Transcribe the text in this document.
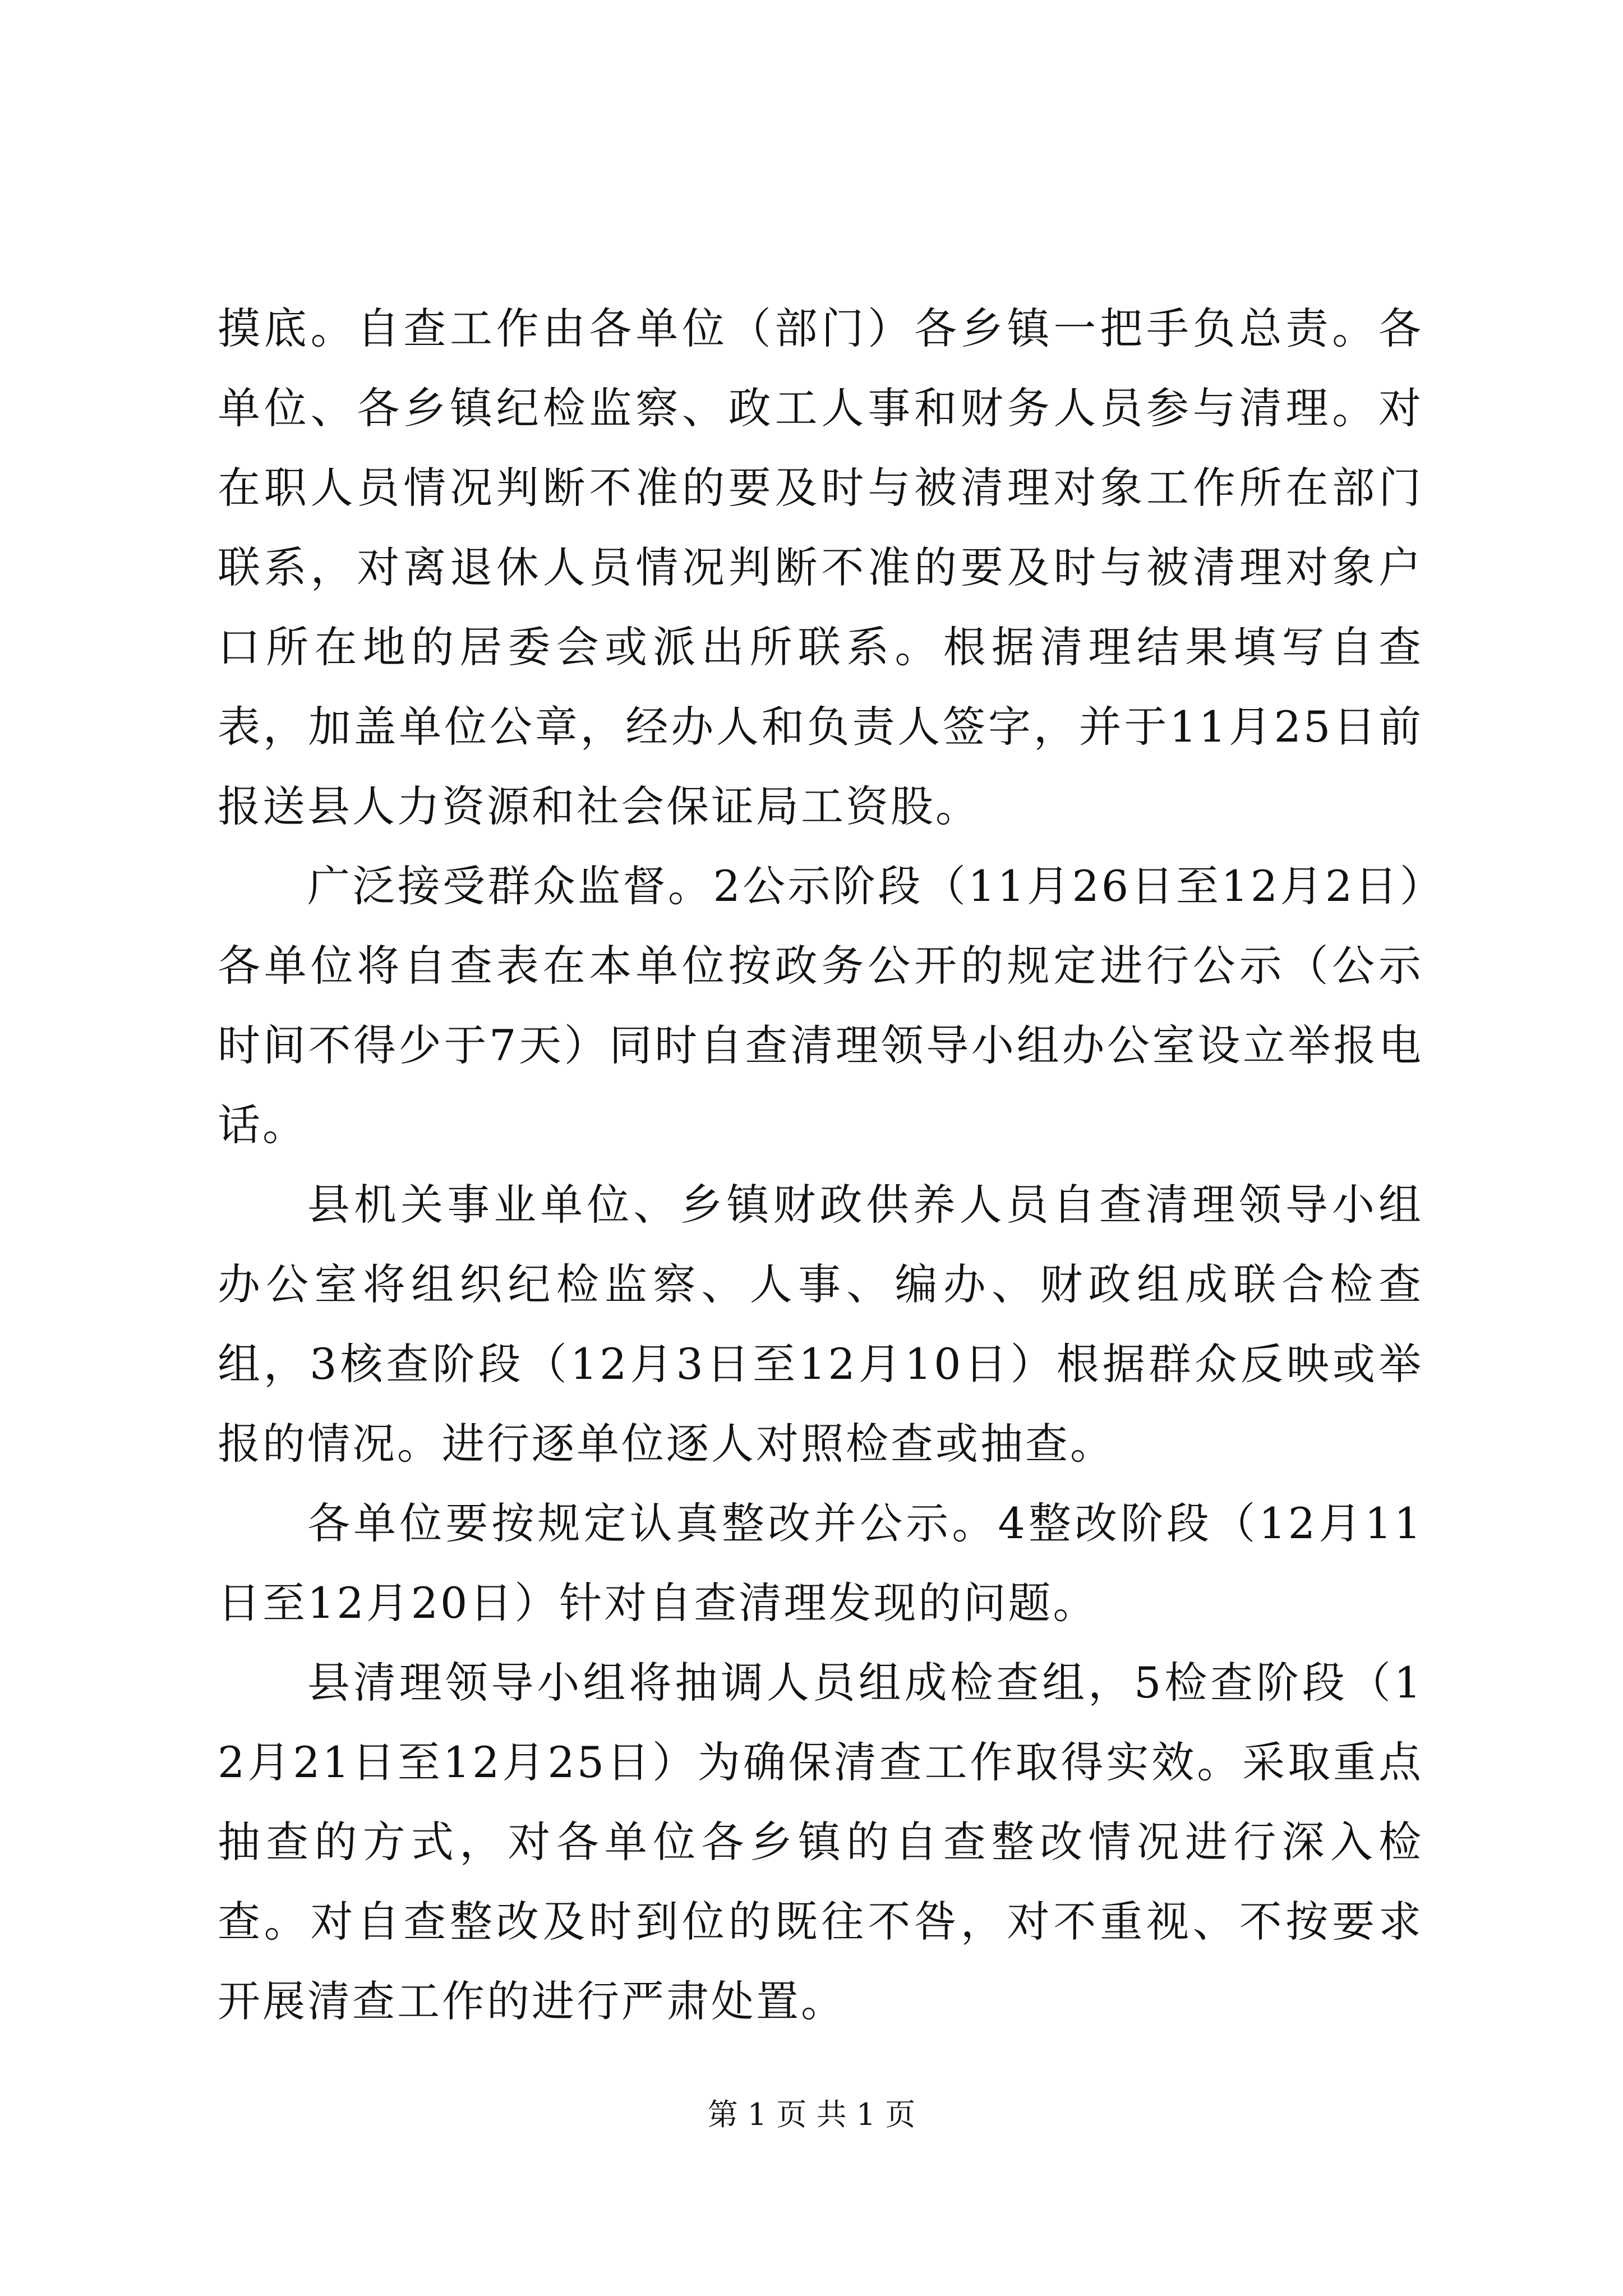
摸底。自查工作由各单位（部门）各乡镇一把手负总责。各单位、各乡镇纪检监察、政工人事和财务人员参与清理。对在职人员情况判断不准的要及时与被清理对象工作所在部门联系，对离退休人员情况判断不准的要及时与被清理对象户口所在地的居委会或派出所联系。根据清理结果填写自查表，加盖单位公章，经办人和负责人签字，并于11月25日前报送县人力资源和社会保证局工资股。

广泛接受群众监督。2公示阶段（11月26日至12月2日）各单位将自查表在本单位按政务公开的规定进行公示（公示时间不得少于7天）同时自查清理领导小组办公室设立举报电话。

县机关事业单位、乡镇财政供养人员自查清理领导小组办公室将组织纪检监察、人事、编办、财政组成联合检查组，3核查阶段（12月3日至12月10日）根据群众反映或举报的情况。进行逐单位逐人对照检查或抽查。

各单位要按规定认真整改并公示。4整改阶段（12月11日至12月20日）针对自查清理发现的问题。

县清理领导小组将抽调人员组成检查组，5检查阶段（12月21日至12月25日）为确保清查工作取得实效。采取重点抽查的方式，对各单位各乡镇的自查整改情况进行深入检查。对自查整改及时到位的既往不咎，对不重视、不按要求开展清查工作的进行严肃处置。

第 1 页 共 1 页
